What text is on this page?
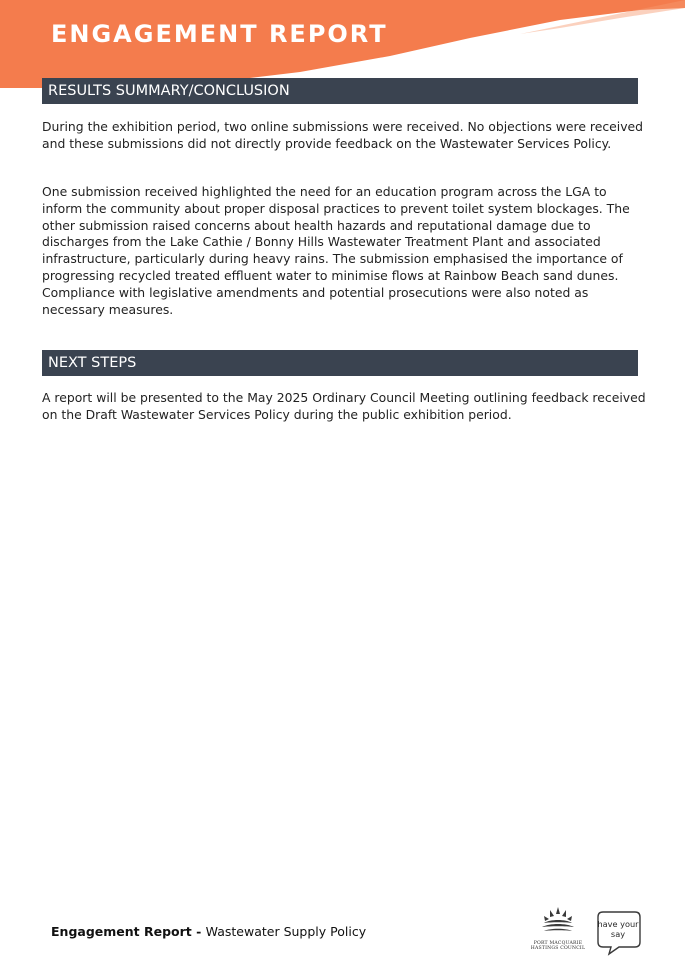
ENGAGEMENT REPORT
RESULTS SUMMARY/CONCLUSION

During the exhibition period, two online submissions were received. No objections were received and these submissions did not directly provide feedback on the Wastewater Services Policy.

One submission received highlighted the need for an education program across the LGA to inform the community about proper disposal practices to prevent toilet system blockages. The other submission raised concerns about health hazards and reputational damage due to discharges from the Lake Cathie / Bonny Hills Wastewater Treatment Plant and associated infrastructure, particularly during heavy rains. The submission emphasised the importance of progressing recycled treated effluent water to minimise flows at Rainbow Beach sand dunes. Compliance with legislative amendments and potential prosecutions were also noted as necessary measures.

NEXT STEPS

A report will be presented to the May 2025 Ordinary Council Meeting outlining feedback received on the Draft Wastewater Services Policy during the public exhibition period.

Engagement Report - Wastewater Supply Policy
PORT MACQUARIE HASTINGS COUNCIL
have your say
